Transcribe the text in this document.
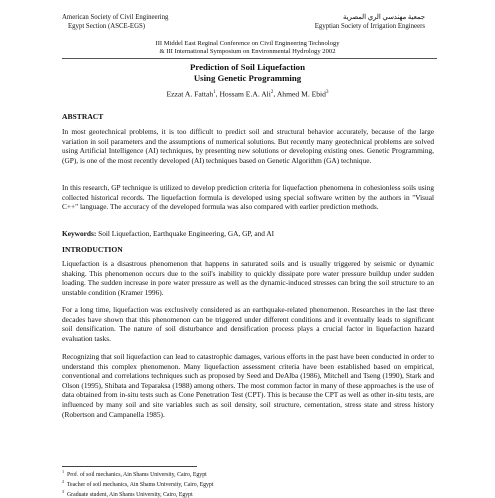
American Society of Civil Engineering
Egypt Section (ASCE-EGS)
جمعية مهندسي الري المصرية
Egyptian Society of Irrigation Engineers
III Middel East Reginal Conference on Civil Engineering Technology
& III International Symposium on Environmental Hydrology 2002
Prediction of Soil Liquefaction
Using Genetic Programming
Ezzat A. Fattah$^1$, Hossam E.A. Ali$^2$, Ahmed M. Ebid$^3$
ABSTRACT

In most geotechnical problems, it is too difficult to predict soil and structural behavior accurately, because of the large variation in soil parameters and the assumptions of numerical solutions. But recently many geotechnical problems are solved using Artificial Intelligence (AI) techniques, by presenting new solutions or developing existing ones. Genetic Programming, (GP), is one of the most recently developed (AI) techniques based on Genetic Algorithm (GA) technique.

In this research, GP technique is utilized to develop prediction criteria for liquefaction phenomena in cohesionless soils using collected historical records. The liquefaction formula is developed using special software written by the authors in "Visual C++" language. The accuracy of the developed formula was also compared with earlier prediction methods.

Keywords: Soil Liquefaction, Earthquake Engineering, GA, GP, and AI

INTRODUCTION

Liquefaction is a disastrous phenomenon that happens in saturated soils and is usually triggered by seismic or dynamic shaking. This phenomenon occurs due to the soil's inability to quickly dissipate pore water pressure buildup under sudden loading. The sudden increase in pore water pressure as well as the dynamic-induced stresses can bring the soil structure to an unstable condition (Kramer 1996).

For a long time, liquefaction was exclusively considered as an earthquake-related phenomenon. Researches in the last three decades have shown that this phenomenon can be triggered under different conditions and it eventually leads to significant soil densification. The nature of soil disturbance and densification process plays a crucial factor in liquefaction hazard evaluation tasks.

Recognizing that soil liquefaction can lead to catastrophic damages, various efforts in the past have been conducted in order to understand this complex phenomenon. Many liquefaction assessment criteria have been established based on empirical, conventional and correlations techniques such as proposed by Seed and DeAlba (1986), Mitchell and Tseng (1990), Stark and Olson (1995), Shibata and Teparaksa (1988) among others. The most common factor in many of these approaches is the use of data obtained from in-situ tests such as Cone Penetration Test (CPT). This is because the CPT as well as other in-situ tests, are influenced by many soil and site variables such as soil density, soil structure, cementation, stress state and stress history (Robertson and Campanella 1985).

$^1$  Prof. of soil mechanics, Ain Shams University, Cairo, Egypt
$^2$  Teacher of soil mechanics, Ain Shams University, Cairo, Egypt
$^3$  Graduate student, Ain Shams University, Cairo, Egypt
